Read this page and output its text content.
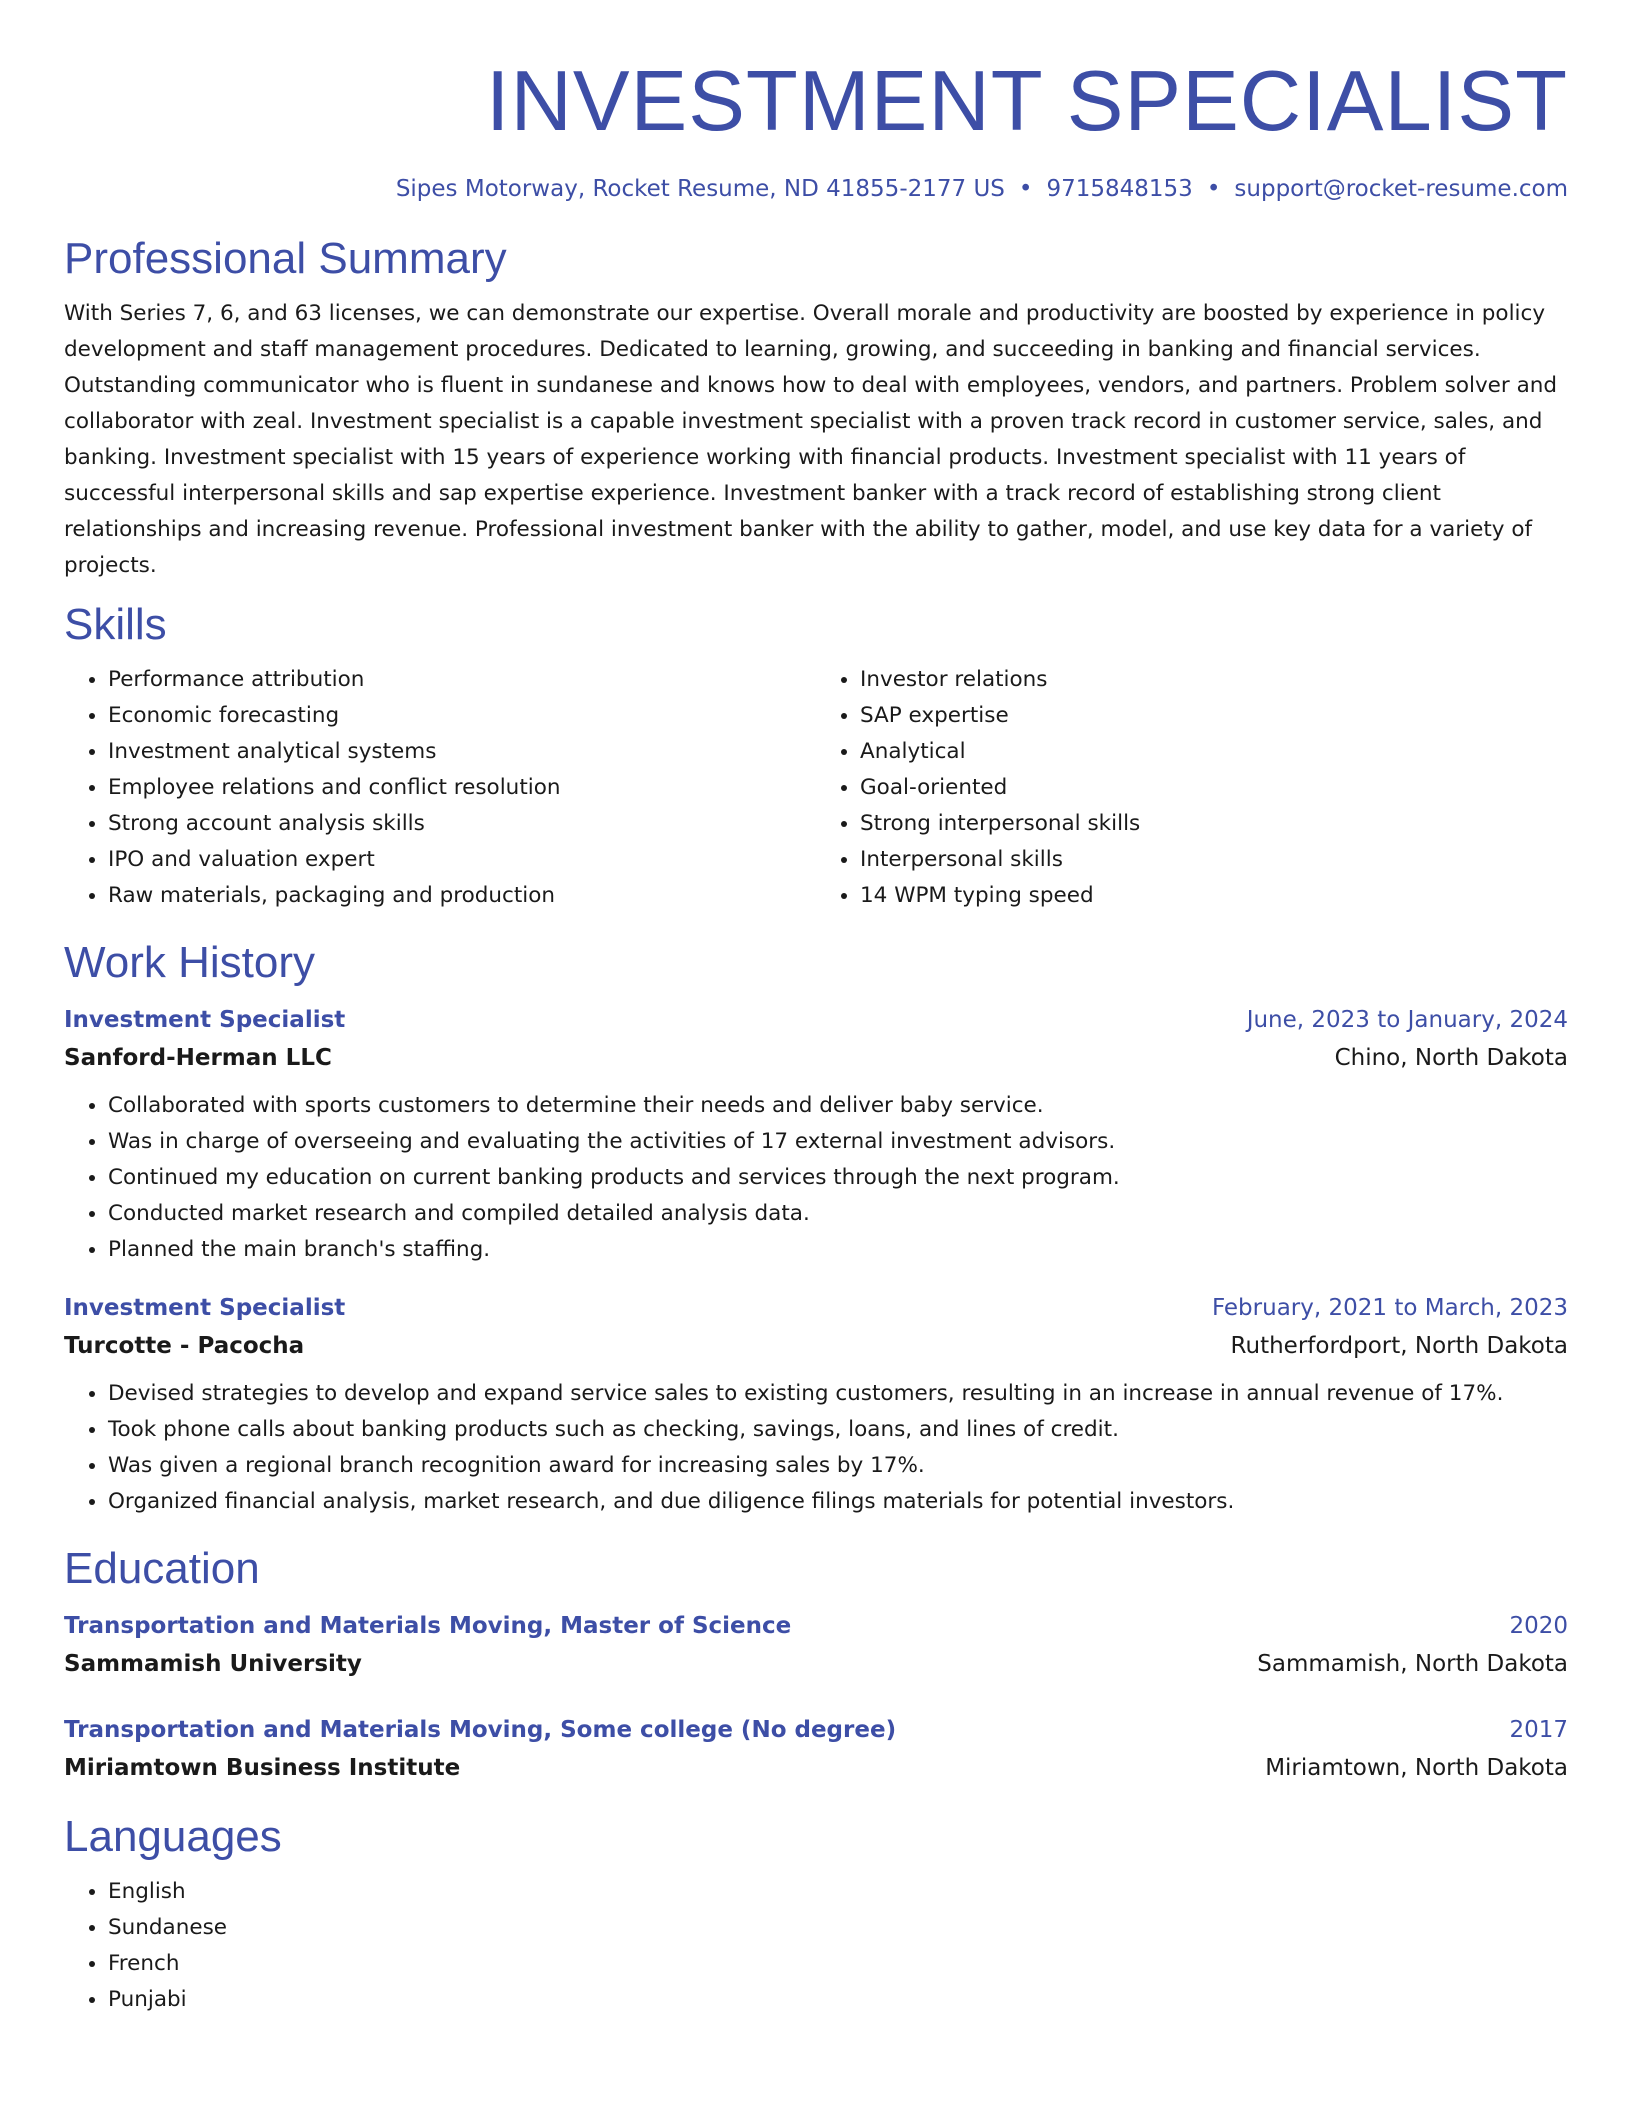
INVESTMENT SPECIALIST
Sipes Motorway, Rocket Resume, ND 41855-2177 US • 9715848153 • support@rocket-resume.com
Professional Summary

With Series 7, 6, and 63 licenses, we can demonstrate our expertise. Overall morale and productivity are boosted by experience in policy development and staff management procedures. Dedicated to learning, growing, and succeeding in banking and financial services. Outstanding communicator who is fluent in sundanese and knows how to deal with employees, vendors, and partners. Problem solver and collaborator with zeal. Investment specialist is a capable investment specialist with a proven track record in customer service, sales, and banking. Investment specialist with 15 years of experience working with financial products. Investment specialist with 11 years of successful interpersonal skills and sap expertise experience. Investment banker with a track record of establishing strong client relationships and increasing revenue. Professional investment banker with the ability to gather, model, and use key data for a variety of projects.

Skills
• Performance attribution
• Economic forecasting
• Investment analytical systems
• Employee relations and conflict resolution
• Strong account analysis skills
• IPO and valuation expert
• Raw materials, packaging and production
• Investor relations
• SAP expertise
• Analytical
• Goal-oriented
• Strong interpersonal skills
• Interpersonal skills
• 14 WPM typing speed
Work History
Investment Specialist	June, 2023 to January, 2024
Sanford-Herman LLC	Chino, North Dakota
• Collaborated with sports customers to determine their needs and deliver baby service.
• Was in charge of overseeing and evaluating the activities of 17 external investment advisors.
• Continued my education on current banking products and services through the next program.
• Conducted market research and compiled detailed analysis data.
• Planned the main branch's staffing.
Investment Specialist	February, 2021 to March, 2023
Turcotte - Pacocha	Rutherfordport, North Dakota
• Devised strategies to develop and expand service sales to existing customers, resulting in an increase in annual revenue of 17%.
• Took phone calls about banking products such as checking, savings, loans, and lines of credit.
• Was given a regional branch recognition award for increasing sales by 17%.
• Organized financial analysis, market research, and due diligence filings materials for potential investors.
Education
Transportation and Materials Moving, Master of Science	2020
Sammamish University	Sammamish, North Dakota
Transportation and Materials Moving, Some college (No degree)	2017
Miriamtown Business Institute	Miriamtown, North Dakota
Languages
• English
• Sundanese
• French
• Punjabi
